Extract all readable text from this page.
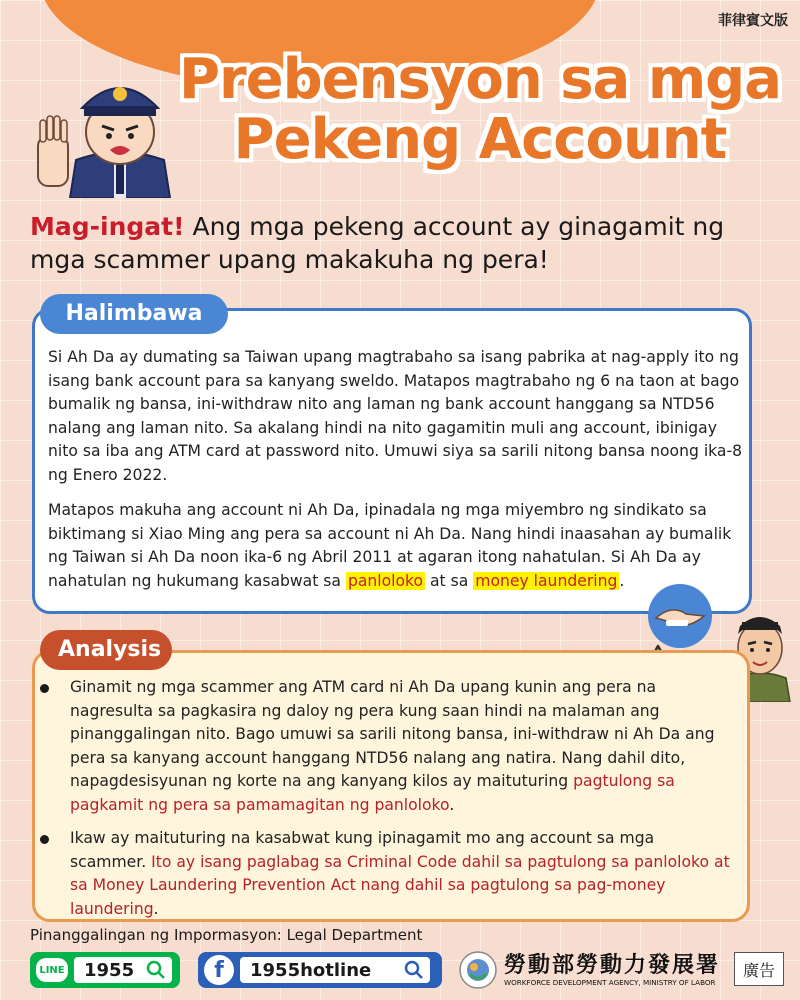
菲律賓文版
Prebensyon sa mga
Pekeng Account
Mag-ingat! Ang mga pekeng account ay ginagamit ng mga scammer upang makakuha ng pera!
Halimbawa

Si Ah Da ay dumating sa Taiwan upang magtrabaho sa isang pabrika at nag-apply ito ng isang bank account para sa kanyang sweldo. Matapos magtrabaho ng 6 na taon at bago bumalik ng bansa, ini-withdraw nito ang laman ng bank account hanggang sa NTD56 nalang ang laman nito. Sa akalang hindi na nito gagamitin muli ang account, ibinigay nito sa iba ang ATM card at password nito. Umuwi siya sa sarili nitong bansa noong ika-8 ng Enero 2022.

Matapos makuha ang account ni Ah Da, ipinadala ng mga miyembro ng sindikato sa biktimang si Xiao Ming ang pera sa account ni Ah Da. Nang hindi inaasahan ay bumalik ng Taiwan si Ah Da noon ika-6 ng Abril 2011 at agaran itong nahatulan. Si Ah Da ay nahatulan ng hukumang kasabwat sa panloloko at sa money laundering .

Analysis
Ginamit ng mga scammer ang ATM card ni Ah Da upang kunin ang pera na nagresulta sa pagkasira ng daloy ng pera kung saan hindi na malaman ang pinanggalingan nito. Bago umuwi sa sarili nitong bansa, ini-withdraw ni Ah Da ang pera sa kanyang account hanggang NTD56 nalang ang natira. Nang dahil dito, napagdesisyunan ng korte na ang kanyang kilos ay maituturing pagtulong sa pagkamit ng pera sa pamamagitan ng panloloko.
Ikaw ay maituturing na kasabwat kung ipinagamit mo ang account sa mga scammer. Ito ay isang paglabag sa Criminal Code dahil sa pagtulong sa panloloko at sa Money Laundering Prevention Act nang dahil sa pagtulong sa pag-money laundering.
Pinanggalingan ng Impormasyon: Legal Department
LINE 1955	f	1955hotline	勞動部勞動力發展署
WORKFORCE DEVELOPMENT AGENCY, MINISTRY OF LABOR
廣告
